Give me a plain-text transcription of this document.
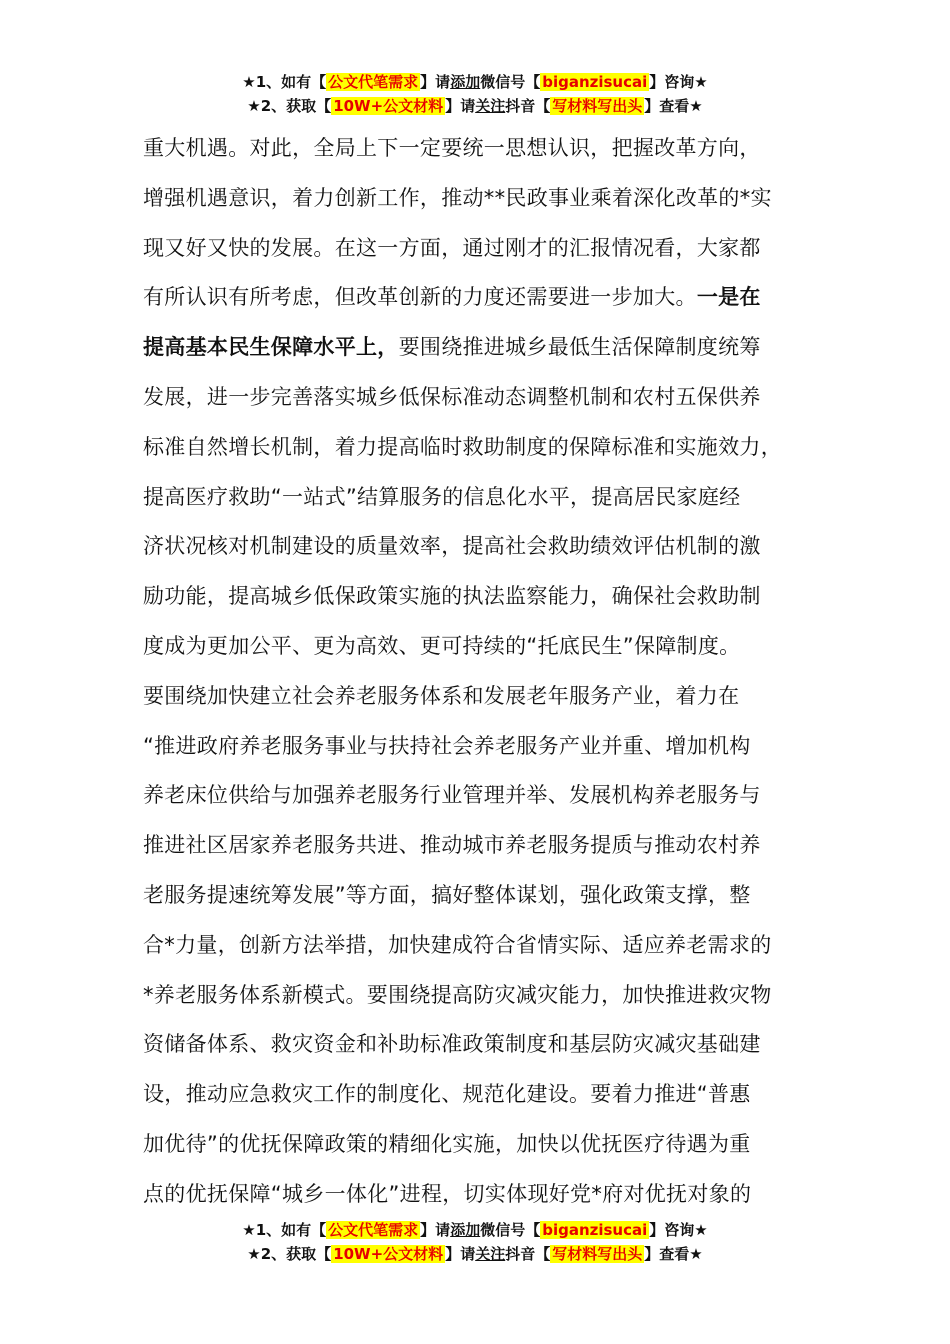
★1、如有【 公文代笔需求 】请添加微信号【 biganzisucai 】咨询★
★2、获取【 10W+公文材料 】请关注抖音【 写材料写出头 】查看★
重大机遇。对此，全局上下一定要统一思想认识，把握改革方向，
增强机遇意识，着力创新工作，推动**民政事业乘着深化改革的*实
现又好又快的发展。在这一方面，通过刚才的汇报情况看，大家都
有所认识有所考虑，但改革创新的力度还需要进一步加大。一是在
提高基本民生保障水平上，要围绕推进城乡最低生活保障制度统筹
发展，进一步完善落实城乡低保标准动态调整机制和农村五保供养
标准自然增长机制，着力提高临时救助制度的保障标准和实施效力，
提高医疗救助“一站式”结算服务的信息化水平，提高居民家庭经
济状况核对机制建设的质量效率，提高社会救助绩效评估机制的激
励功能，提高城乡低保政策实施的执法监察能力，确保社会救助制
度成为更加公平、更为高效、更可持续的“托底民生”保障制度。
要围绕加快建立社会养老服务体系和发展老年服务产业，着力在
“推进政府养老服务事业与扶持社会养老服务产业并重、增加机构
养老床位供给与加强养老服务行业管理并举、发展机构养老服务与
推进社区居家养老服务共进、推动城市养老服务提质与推动农村养
老服务提速统筹发展”等方面，搞好整体谋划，强化政策支撑，整
合*力量，创新方法举措，加快建成符合省情实际、适应养老需求的
*养老服务体系新模式。要围绕提高防灾减灾能力，加快推进救灾物
资储备体系、救灾资金和补助标准政策制度和基层防灾减灾基础建
设，推动应急救灾工作的制度化、规范化建设。要着力推进“普惠
加优待”的优抚保障政策的精细化实施，加快以优抚医疗待遇为重
点的优抚保障“城乡一体化”进程，切实体现好党*府对优抚对象的
★1、如有【 公文代笔需求 】请添加微信号【 biganzisucai 】咨询★
★2、获取【 10W+公文材料 】请关注抖音【 写材料写出头 】查看★
